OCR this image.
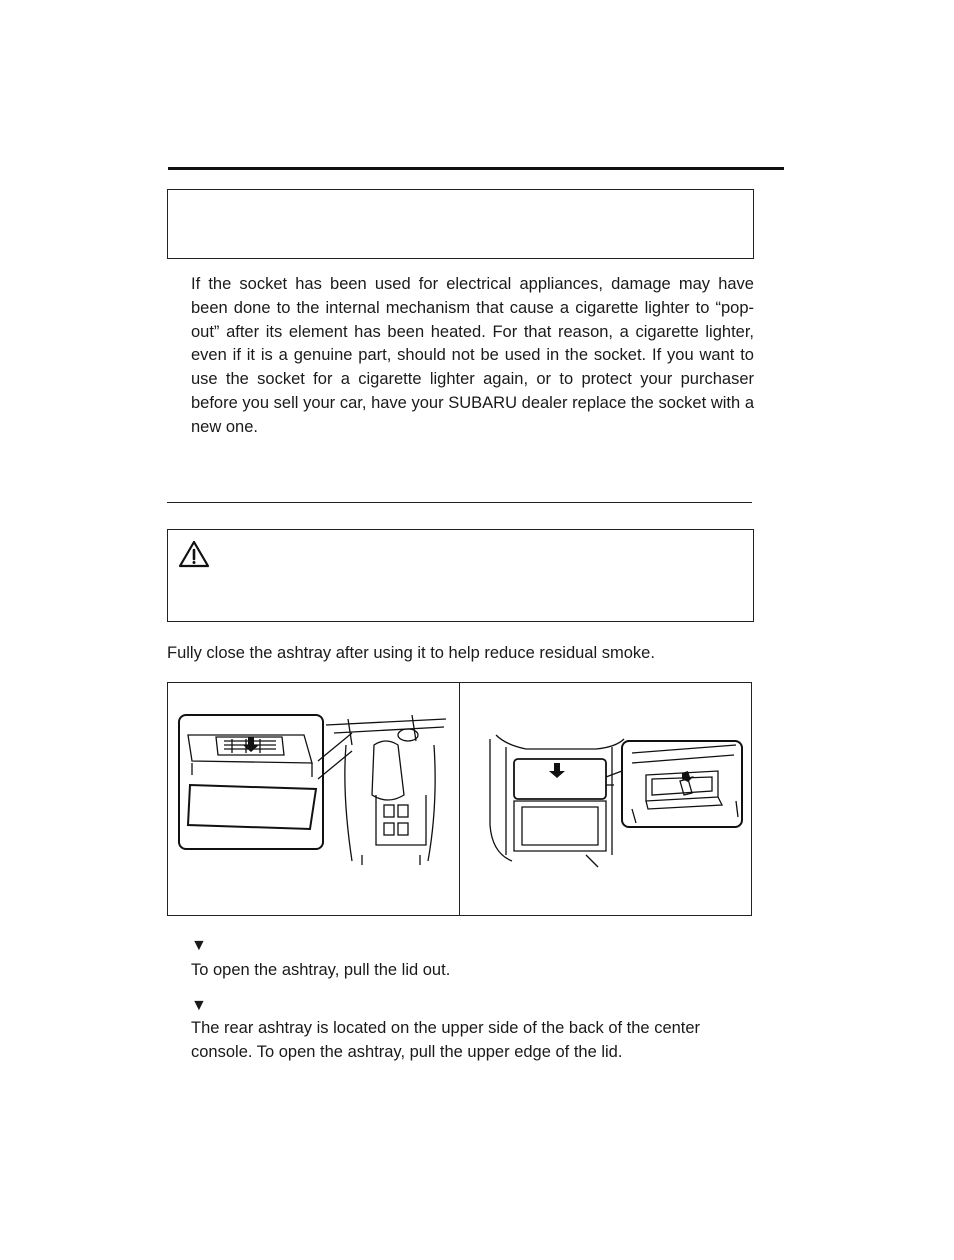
If the socket has been used for electrical appliances, damage may have been done to the internal mechanism that cause a cigarette lighter to “pop-out” after its element has been heated. For that reason, a cigarette lighter, even if it is a genuine part, should not be used in the socket. If you want to use the socket for a cigarette lighter again, or to protect your purchaser before you sell your car, have your SUBARU dealer replace the socket with a new one.
Fully close the ashtray after using it to help reduce residual smoke.
▼
To open the ashtray, pull the lid out.
▼
The rear ashtray is located on the upper side of the back of the center console. To open the ashtray, pull the upper edge of the lid.
